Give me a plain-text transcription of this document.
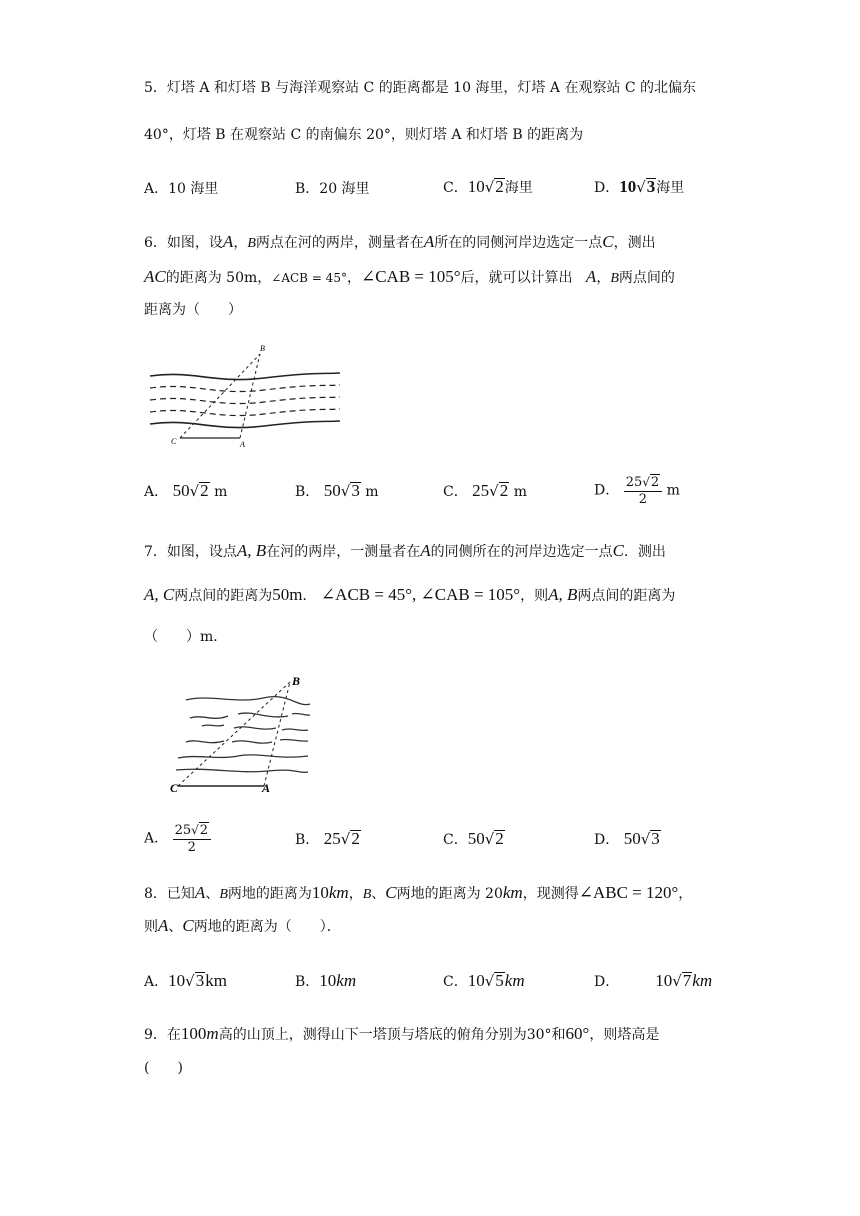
5．灯塔 A 和灯塔 B 与海洋观察站 C 的距离都是 10 海里，灯塔 A 在观察站 C 的北偏东
40°，灯塔 B 在观察站 C 的南偏东 20°，则灯塔 A 和灯塔 B 的距离为
A．10 海里	B．20 海里	C．10√2海里	D．10√3海里
6．如图，设A，B两点在河的两岸，测量者在A所在的同侧河岸边选定一点C，测出
AC的距离为 50m，∠ACB = 45°，∠CAB = 105°后，就可以计算出 A，B两点间的
距离为（　　）
B
C	A
A． 50√2 m	B． 50√3 m	C． 25√2 m	D． $\frac{25√2}{2}$ m
7．如图，设点A, B在河的两岸，一测量者在A的同侧所在的河岸边选定一点C．测出
A, C两点间的距离为50m． ∠ACB = 45°, ∠CAB = 105°，则A, B两点间的距离为
（　　）m．
B
C	A
A． $\frac{25√2}{2}$	B． 25√2	C．50√2	D． 50√3
8．已知A、B两地的距离为10km，B、C两地的距离为 20km，现测得∠ABC = 120°，
则A、C两地的距离为（　　）．
A．10√3km	B．10km	C．10√5km	D． 10√7km
9．在100m高的山顶上，测得山下一塔顶与塔底的俯角分别为30°和60°，则塔高是
(　　)
